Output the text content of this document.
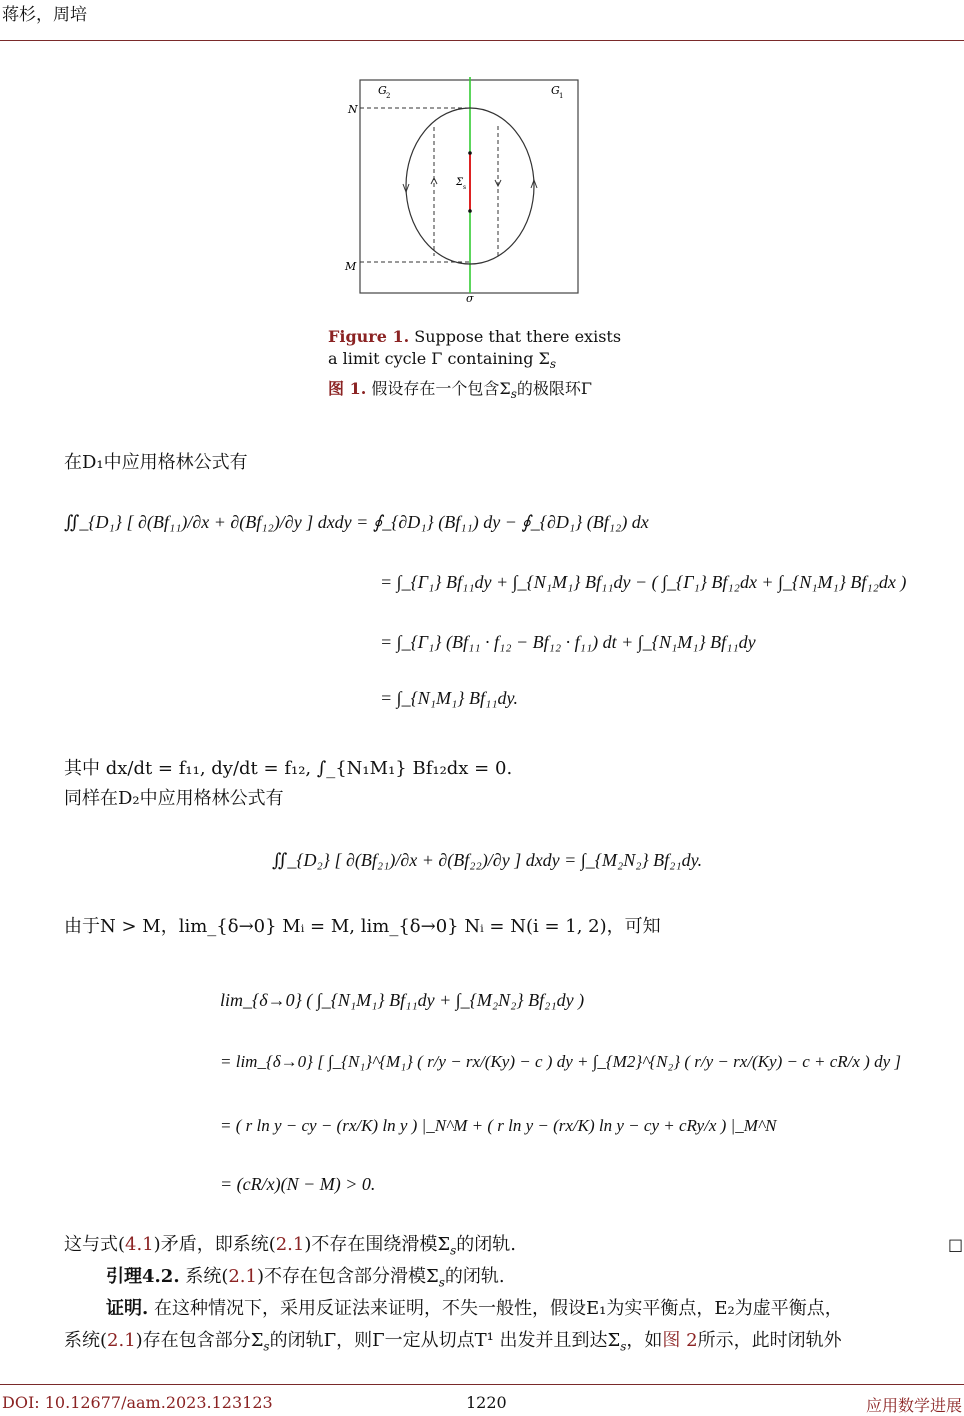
蒋杉，周培
G 2	G 1
N
M
σ
Σ s
Figure 1. Suppose that there exists
a limit cycle Γ containing $\Sigma_s$
图 1. 假设存在一个包含$\Sigma_s$的极限环Γ
在D₁中应用格林公式有
∬_{D₁} [ ∂(Bf₁₁)/∂x + ∂(Bf₁₂)/∂y ] dxdy = ∮_{∂D₁} (Bf₁₁) dy − ∮_{∂D₁} (Bf₁₂) dx
= ∫_{Γ₁} Bf₁₁dy + ∫_{N₁M₁} Bf₁₁dy − ( ∫_{Γ₁} Bf₁₂dx + ∫_{N₁M₁} Bf₁₂dx )
= ∫_{Γ₁} (Bf₁₁ · f₁₂ − Bf₁₂ · f₁₁) dt + ∫_{N₁M₁} Bf₁₁dy
= ∫_{N₁M₁} Bf₁₁dy.
其中 dx/dt = f₁₁, dy/dt = f₁₂, ∫_{N₁M₁} Bf₁₂dx = 0.
同样在D₂中应用格林公式有
∬_{D₂} [ ∂(Bf₂₁)/∂x + ∂(Bf₂₂)/∂y ] dxdy = ∫_{M₂N₂} Bf₂₁dy.
由于N > M，lim_{δ→0} Mᵢ = M, lim_{δ→0} Nᵢ = N(i = 1, 2)，可知
lim_{δ→0} ( ∫_{N₁M₁} Bf₁₁dy + ∫_{M₂N₂} Bf₂₁dy )
= lim_{δ→0} [ ∫_{N₁}^{M₁} ( r/y − rx/(Ky) − c ) dy + ∫_{M2}^{N₂} ( r/y − rx/(Ky) − c + cR/x ) dy ]
= ( r ln y − cy − (rx/K) ln y ) |_N^M + ( r ln y − (rx/K) ln y − cy + cRy/x ) |_M^N
= (cR/x)(N − M) > 0.
这与式(4.1)矛盾，即系统(2.1)不存在围绕滑模$\Sigma_s$的闭轨.	□
引理4.2. 系统(2.1)不存在包含部分滑模$\Sigma_s$的闭轨.
证明. 在这种情况下，采用反证法来证明，不失一般性，假设E₁为实平衡点，E₂为虚平衡点，
系统(2.1)存在包含部分$\Sigma_s$的闭轨Γ，则Γ一定从切点T¹ 出发并且到达$\Sigma_s$，如图 2所示，此时闭轨外
DOI: 10.12677/aam.2023.123123	1220	应用数学进展
